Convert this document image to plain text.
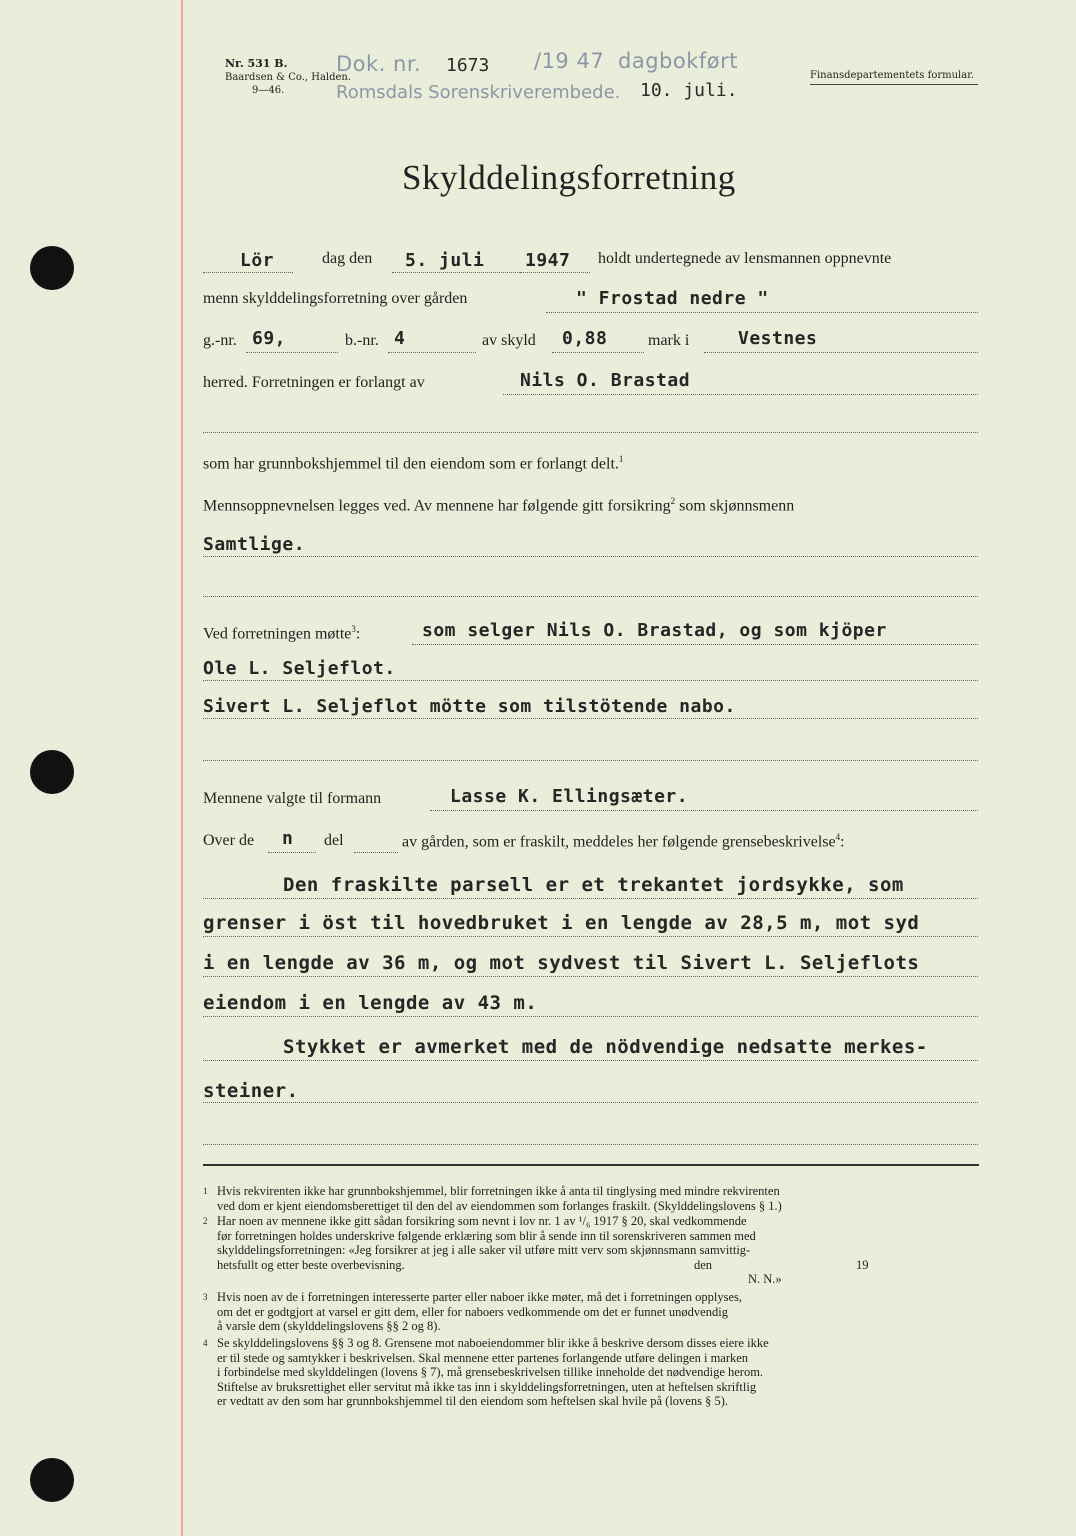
Nr. 531 B.
Baardsen & Co., Halden.
9—46.
Dok. nr. 1673 /19 47 dagbokført
Romsdals Sorenskriverembede. 10. juli.
Finansdepartementets formular.
Skylddelingsforretning
Lör	dag den 5. juli 1947 holdt undertegnede av lensmannen oppnevnte
menn skylddelingsforretning over gården	" Frostad nedre "
g.-nr. 69,	b.-nr. 4	av skyld 0,88	mark i	Vestnes
herred. Forretningen er forlangt av	Nils O. Brastad
som har grunnbokshjemmel til den eiendom som er forlangt delt.$^1$
Mennsoppnevnelsen legges ved. Av mennene har følgende gitt forsikring$^2$ som skjønnsmenn
Samtlige.
Ved forretningen møtte$^3$:	som selger Nils O. Brastad, og som kjöper
Ole L. Seljeflot.
Sivert L. Seljeflot mötte som tilstötende nabo.
Mennene valgte til formann	Lasse K. Ellingsæter.
Over de n del	av gården, som er fraskilt, meddeles her følgende grensebeskrivelse$^4$:
Den fraskilte parsell er et trekantet jordsykke, som
grenser i öst til hovedbruket i en lengde av 28,5 m, mot syd
i en lengde av 36 m, og mot sydvest til Sivert L. Seljeflots
eiendom i en lengde av 43 m.
Stykket er avmerket med de nödvendige nedsatte merkes-
steiner.
1 Hvis rekvirenten ikke har grunnbokshjemmel, blir forretningen ikke å anta til tinglysing med mindre rekvirenten
ved dom er kjent eiendomsberettiget til den del av eiendommen som forlanges fraskilt. (Skylddelingslovens § 1.)
2 Har noen av mennene ikke gitt sådan forsikring som nevnt i lov nr. 1 av ¹/₆ 1917 § 20, skal vedkommende
før forretningen holdes underskrive følgende erklæring som blir å sende inn til sorenskriveren sammen med
skylddelingsforretningen: «Jeg forsikrer at jeg i alle saker vil utføre mitt verv som skjønnsmann samvittig-
hetsfullt og etter beste overbevisning.	den	19
N. N.»
3 Hvis noen av de i forretningen interesserte parter eller naboer ikke møter, må det i forretningen opplyses,
om det er godtgjort at varsel er gitt dem, eller for naboers vedkommende om det er funnet unødvendig
å varsle dem (skylddelingslovens §§ 2 og 8).
4 Se skylddelingslovens §§ 3 og 8. Grensene mot naboeiendommer blir ikke å beskrive dersom disses eiere ikke
er til stede og samtykker i beskrivelsen. Skal mennene etter partenes forlangende utføre delingen i marken
i forbindelse med skylddelingen (lovens § 7), må grensebeskrivelsen tillike inneholde det nødvendige herom.
Stiftelse av bruksrettighet eller servitut må ikke tas inn i skylddelingsforretningen, uten at heftelsen skriftlig
er vedtatt av den som har grunnbokshjemmel til den eiendom som heftelsen skal hvile på (lovens § 5).
